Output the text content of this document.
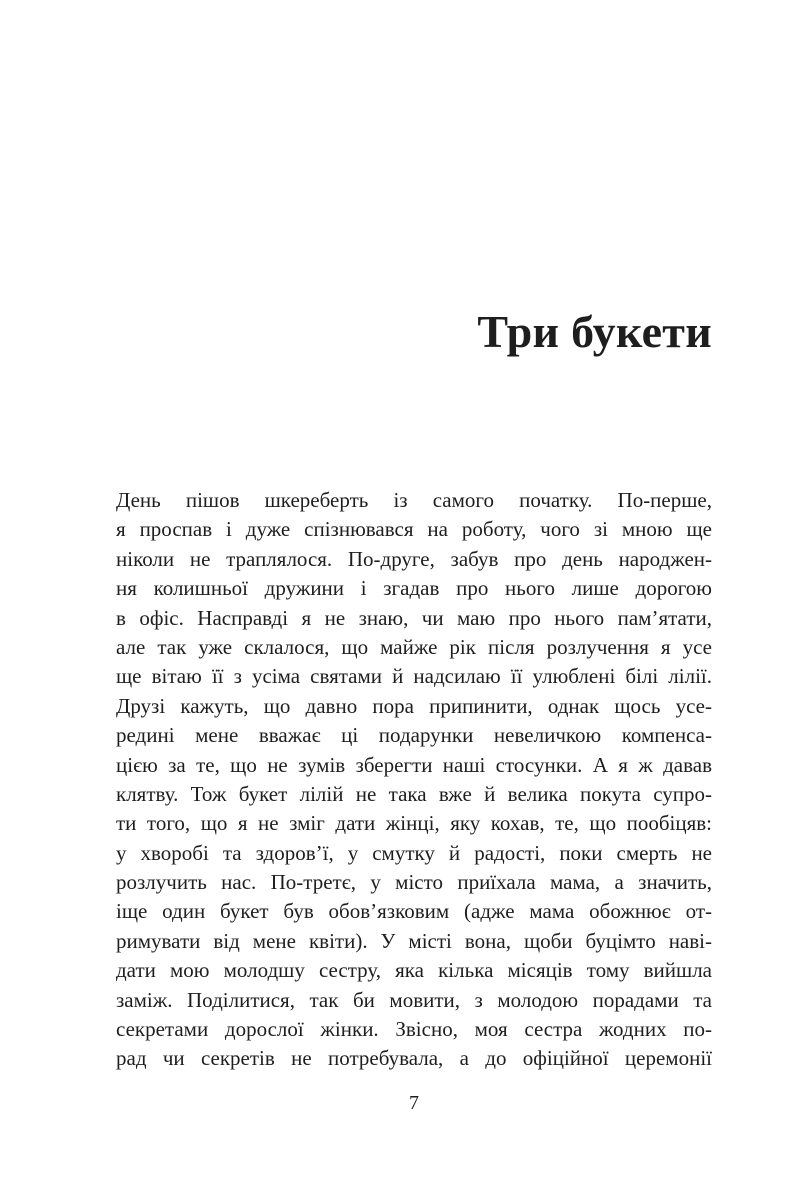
Три букети
День пішов шкереберть із самого початку. По-перше,
я проспав і дуже спізнювався на роботу, чого зі мною ще
ніколи не траплялося. По-друге, забув про день народжен-
ня колишньої дружини і згадав про нього лише дорогою
в офіс. Насправді я не знаю, чи маю про нього пам’ятати,
але так уже склалося, що майже рік після розлучення я усе
ще вітаю її з усіма святами й надсилаю її улюблені білі лілії.
Друзі кажуть, що давно пора припинити, однак щось усе-
редині мене вважає ці подарунки невеличкою компенса-
цією за те, що не зумів зберегти наші стосунки. А я ж давав
клятву. Тож букет лілій не така вже й велика покута супро-
ти того, що я не зміг дати жінці, яку кохав, те, що пообіцяв:
у хворобі та здоров’ї, у смутку й радості, поки смерть не
розлучить нас. По-третє, у місто приїхала мама, а значить,
іще один букет був обов’язковим (адже мама обожнює от-
римувати від мене квіти). У місті вона, щоби буцімто наві-
дати мою молодшу сестру, яка кілька місяців тому вийшла
заміж. Поділитися, так би мовити, з молодою порадами та
секретами дорослої жінки. Звісно, моя сестра жодних по-
рад чи секретів не потребувала, а до офіційної церемонії
7
